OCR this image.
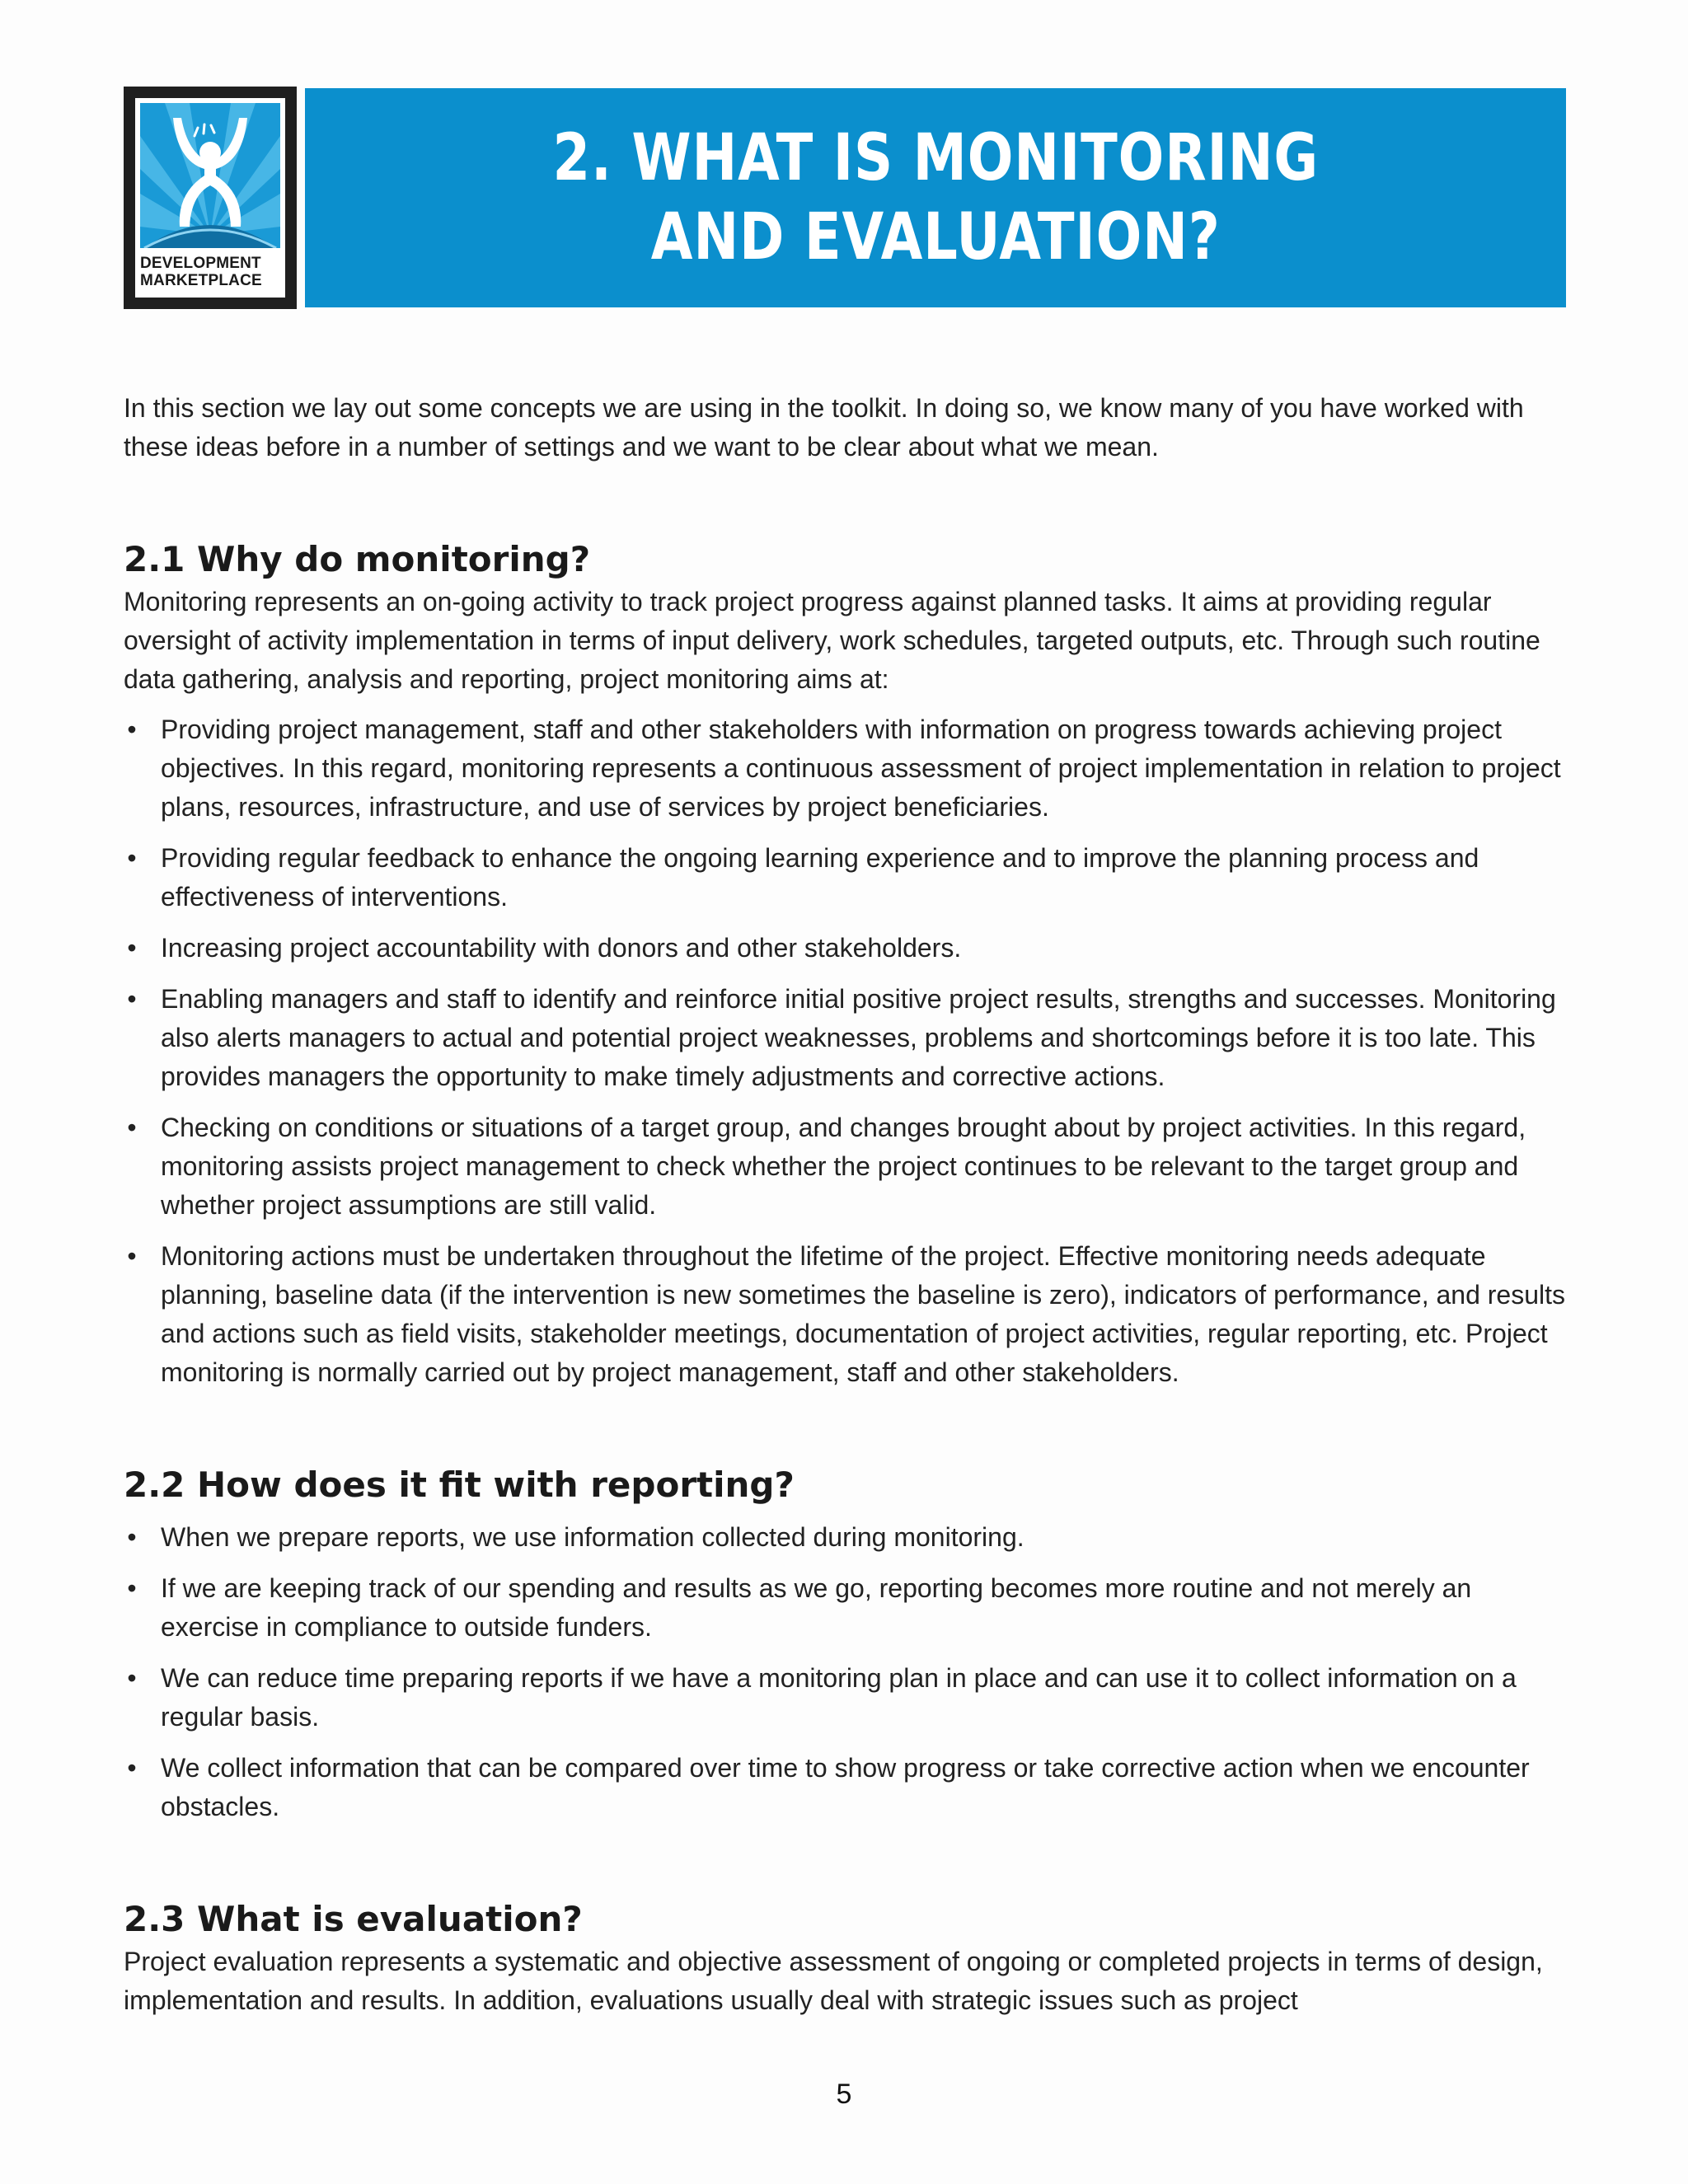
DEVELOPMENT
MARKETPLACE
2. WHAT IS MONITORING
AND EVALUATION?

In this section we lay out some concepts we are using in the toolkit. In doing so, we know many of you have worked with these ideas before in a number of settings and we want to be clear about what we mean.

2.1 Why do monitoring?

Monitoring represents an on-going activity to track project progress against planned tasks. It aims at providing regular oversight of activity implementation in terms of input delivery, work schedules, targeted outputs, etc. Through such routine data gathering, analysis and reporting, project monitoring aims at:

• Providing project management, staff and other stakeholders with information on progress towards achieving project objectives. In this regard, monitoring represents a continuous assessment of project implementation in relation to project plans, resources, infrastructure, and use of services by project beneficiaries.
• Providing regular feedback to enhance the ongoing learning experience and to improve the planning process and effectiveness of interventions.
• Increasing project accountability with donors and other stakeholders.
• Enabling managers and staff to identify and reinforce initial positive project results, strengths and successes. Monitoring also alerts managers to actual and potential project weaknesses, problems and shortcomings before it is too late. This provides managers the opportunity to make timely adjustments and corrective actions.
• Checking on conditions or situations of a target group, and changes brought about by project activities. In this regard, monitoring assists project management to check whether the project continues to be relevant to the target group and whether project assumptions are still valid.
• Monitoring actions must be undertaken throughout the lifetime of the project. Effective monitoring needs adequate planning, baseline data (if the intervention is new sometimes the baseline is zero), indicators of performance, and results and actions such as field visits, stakeholder meetings, documentation of project activities, regular reporting, etc. Project monitoring is normally carried out by project management, staff and other stakeholders.
2.2 How does it fit with reporting?
• When we prepare reports, we use information collected during monitoring.
• If we are keeping track of our spending and results as we go, reporting becomes more routine and not merely an exercise in compliance to outside funders.
• We can reduce time preparing reports if we have a monitoring plan in place and can use it to collect information on a regular basis.
• We collect information that can be compared over time to show progress or take corrective action when we encounter obstacles.
2.3 What is evaluation?

Project evaluation represents a systematic and objective assessment of ongoing or completed projects in terms of design, implementation and results. In addition, evaluations usually deal with strategic issues such as project

5
